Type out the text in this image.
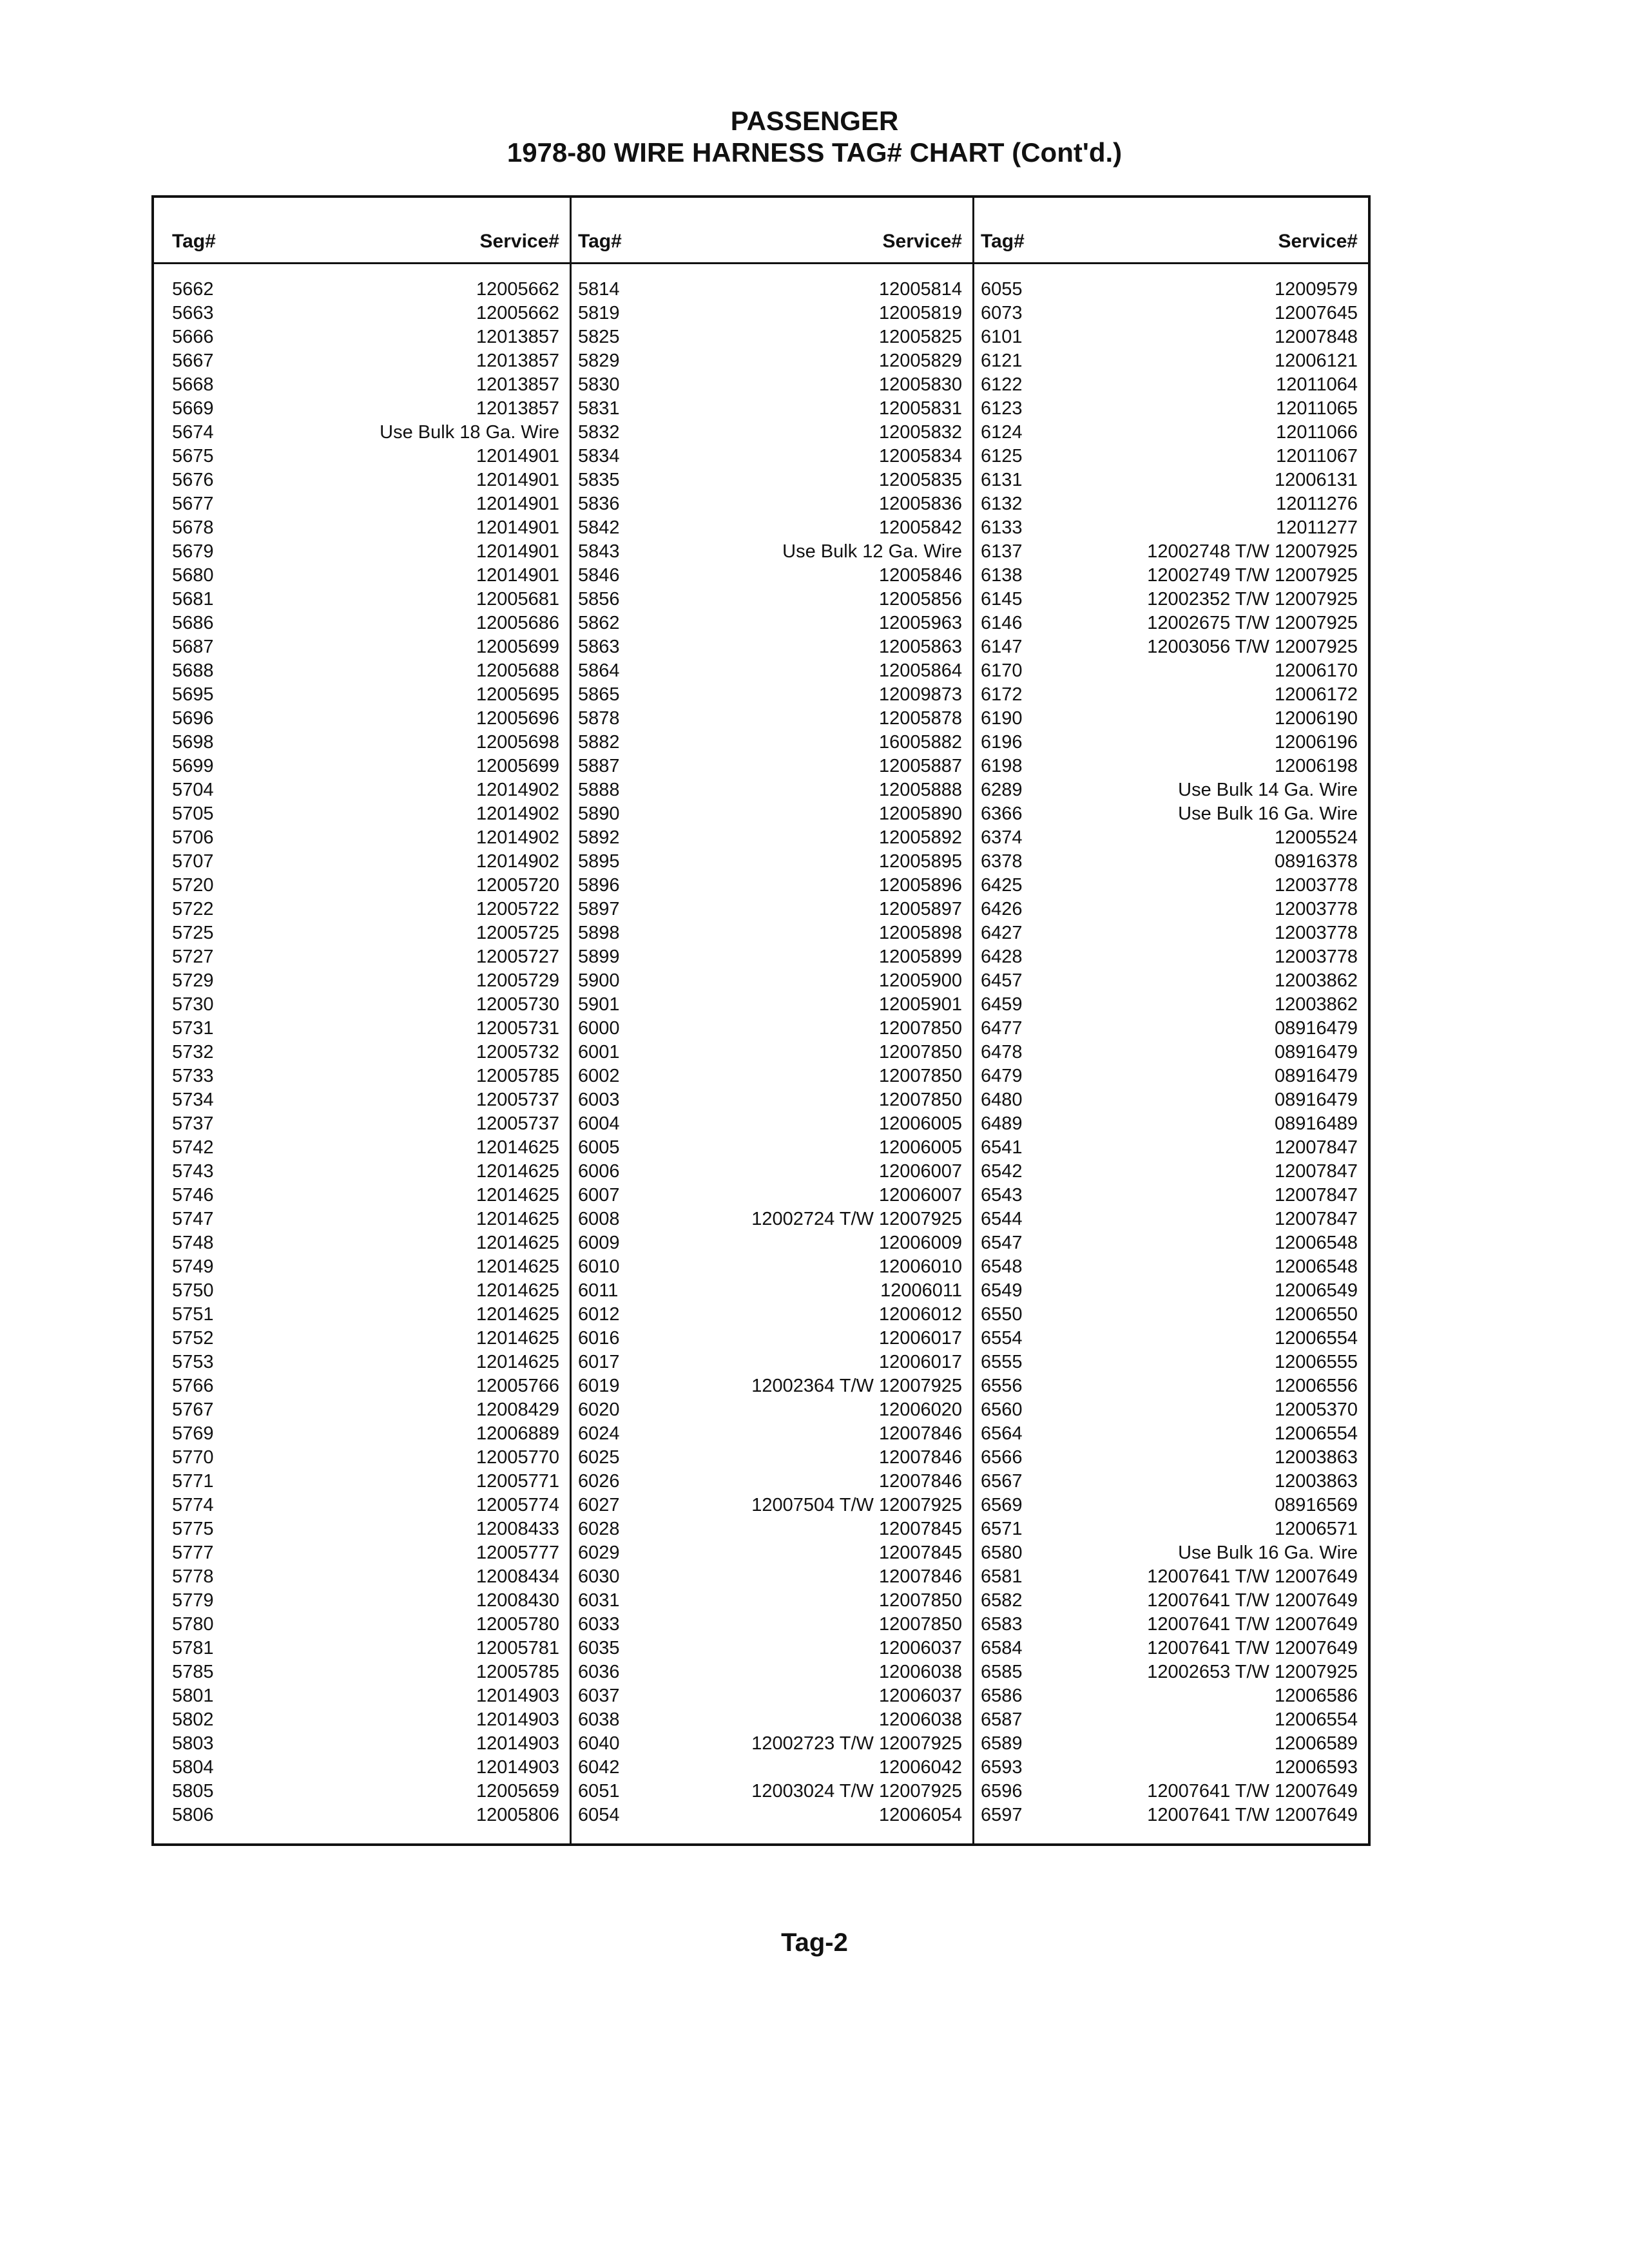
PASSENGER
1978-80 WIRE HARNESS TAG# CHART (Cont'd.)
Tag#	Service#
5662	12005662
5663	12005662
5666	12013857
5667	12013857
5668	12013857
5669	12013857
5674	Use Bulk 18 Ga. Wire
5675	12014901
5676	12014901
5677	12014901
5678	12014901
5679	12014901
5680	12014901
5681	12005681
5686	12005686
5687	12005699
5688	12005688
5695	12005695
5696	12005696
5698	12005698
5699	12005699
5704	12014902
5705	12014902
5706	12014902
5707	12014902
5720	12005720
5722	12005722
5725	12005725
5727	12005727
5729	12005729
5730	12005730
5731	12005731
5732	12005732
5733	12005785
5734	12005737
5737	12005737
5742	12014625
5743	12014625
5746	12014625
5747	12014625
5748	12014625
5749	12014625
5750	12014625
5751	12014625
5752	12014625
5753	12014625
5766	12005766
5767	12008429
5769	12006889
5770	12005770
5771	12005771
5774	12005774
5775	12008433
5777	12005777
5778	12008434
5779	12008430
5780	12005780
5781	12005781
5785	12005785
5801	12014903
5802	12014903
5803	12014903
5804	12014903
5805	12005659
5806	12005806
Tag#	Service#
5814	12005814
5819	12005819
5825	12005825
5829	12005829
5830	12005830
5831	12005831
5832	12005832
5834	12005834
5835	12005835
5836	12005836
5842	12005842
5843	Use Bulk 12 Ga. Wire
5846	12005846
5856	12005856
5862	12005963
5863	12005863
5864	12005864
5865	12009873
5878	12005878
5882	16005882
5887	12005887
5888	12005888
5890	12005890
5892	12005892
5895	12005895
5896	12005896
5897	12005897
5898	12005898
5899	12005899
5900	12005900
5901	12005901
6000	12007850
6001	12007850
6002	12007850
6003	12007850
6004	12006005
6005	12006005
6006	12006007
6007	12006007
6008	12002724 T/W 12007925
6009	12006009
6010	12006010
6011	12006011
6012	12006012
6016	12006017
6017	12006017
6019	12002364 T/W 12007925
6020	12006020
6024	12007846
6025	12007846
6026	12007846
6027	12007504 T/W 12007925
6028	12007845
6029	12007845
6030	12007846
6031	12007850
6033	12007850
6035	12006037
6036	12006038
6037	12006037
6038	12006038
6040	12002723 T/W 12007925
6042	12006042
6051	12003024 T/W 12007925
6054	12006054
Tag#	Service#
6055	12009579
6073	12007645
6101	12007848
6121	12006121
6122	12011064
6123	12011065
6124	12011066
6125	12011067
6131	12006131
6132	12011276
6133	12011277
6137	12002748 T/W 12007925
6138	12002749 T/W 12007925
6145	12002352 T/W 12007925
6146	12002675 T/W 12007925
6147	12003056 T/W 12007925
6170	12006170
6172	12006172
6190	12006190
6196	12006196
6198	12006198
6289	Use Bulk 14 Ga. Wire
6366	Use Bulk 16 Ga. Wire
6374	12005524
6378	08916378
6425	12003778
6426	12003778
6427	12003778
6428	12003778
6457	12003862
6459	12003862
6477	08916479
6478	08916479
6479	08916479
6480	08916479
6489	08916489
6541	12007847
6542	12007847
6543	12007847
6544	12007847
6547	12006548
6548	12006548
6549	12006549
6550	12006550
6554	12006554
6555	12006555
6556	12006556
6560	12005370
6564	12006554
6566	12003863
6567	12003863
6569	08916569
6571	12006571
6580	Use Bulk 16 Ga. Wire
6581	12007641 T/W 12007649
6582	12007641 T/W 12007649
6583	12007641 T/W 12007649
6584	12007641 T/W 12007649
6585	12002653 T/W 12007925
6586	12006586
6587	12006554
6589	12006589
6593	12006593
6596	12007641 T/W 12007649
6597	12007641 T/W 12007649
Tag-2
